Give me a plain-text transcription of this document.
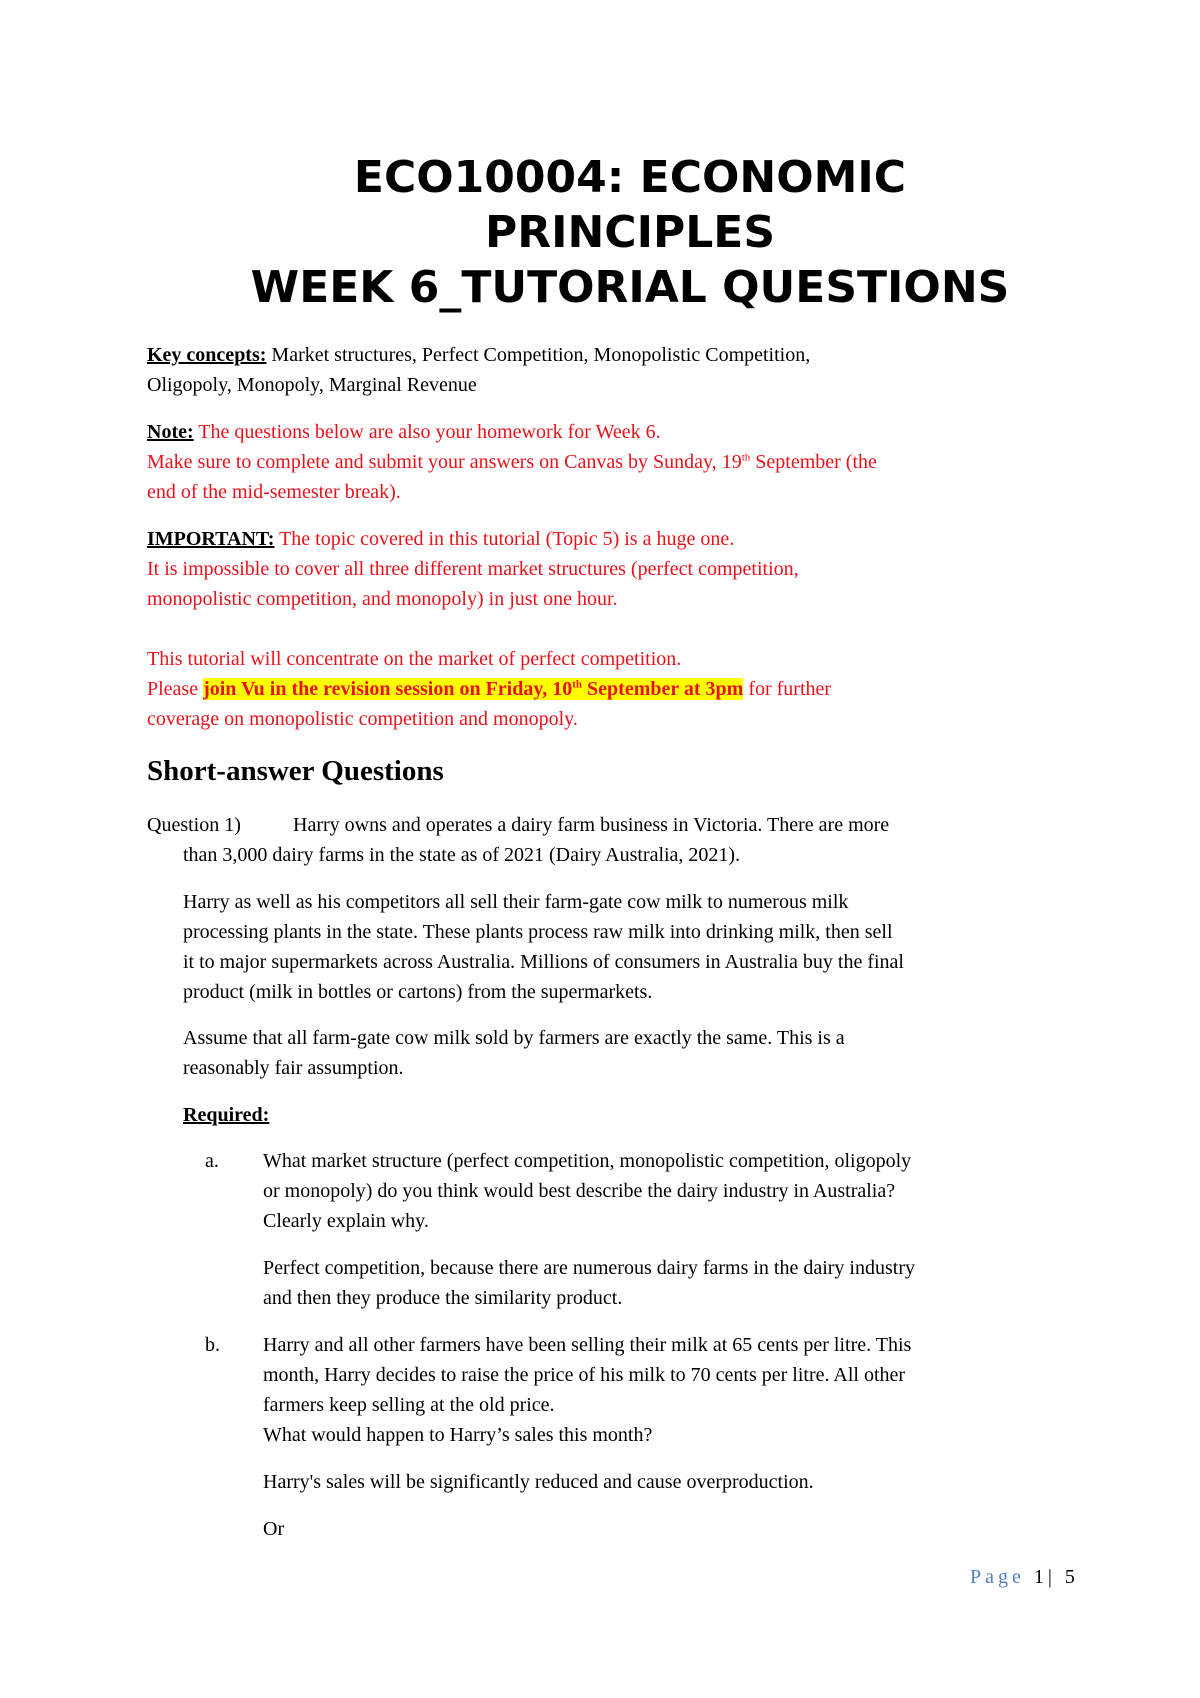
ECO10004: ECONOMIC
PRINCIPLES
WEEK 6_TUTORIAL QUESTIONS
Key concepts: Market structures, Perfect Competition, Monopolistic Competition,
Oligopoly, Monopoly, Marginal Revenue
Note: The questions below are also your homework for Week 6.
Make sure to complete and submit your answers on Canvas by Sunday, 19th September (the
end of the mid-semester break).
IMPORTANT: The topic covered in this tutorial (Topic 5) is a huge one.
It is impossible to cover all three different market structures (perfect competition,
monopolistic competition, and monopoly) in just one hour.
This tutorial will concentrate on the market of perfect competition.
Please join Vu in the revision session on Friday, 10th September at 3pm for further
coverage on monopolistic competition and monopoly.
Short-answer Questions
Question 1)	Harry owns and operates a dairy farm business in Victoria. There are more
than 3,000 dairy farms in the state as of 2021 (Dairy Australia, 2021).
Harry as well as his competitors all sell their farm-gate cow milk to numerous milk
processing plants in the state. These plants process raw milk into drinking milk, then sell
it to major supermarkets across Australia. Millions of consumers in Australia buy the final
product (milk in bottles or cartons) from the supermarkets.
Assume that all farm-gate cow milk sold by farmers are exactly the same. This is a
reasonably fair assumption.
Required:
a. What market structure (perfect competition, monopolistic competition, oligopoly
or monopoly) do you think would best describe the dairy industry in Australia?
Clearly explain why.
Perfect competition, because there are numerous dairy farms in the dairy industry
and then they produce the similarity product.
b. Harry and all other farmers have been selling their milk at 65 cents per litre. This
month, Harry decides to raise the price of his milk to 70 cents per litre. All other
farmers keep selling at the old price.
What would happen to Harry’s sales this month?
Harry's sales will be significantly reduced and cause overproduction.
Or
Page 1| 5
